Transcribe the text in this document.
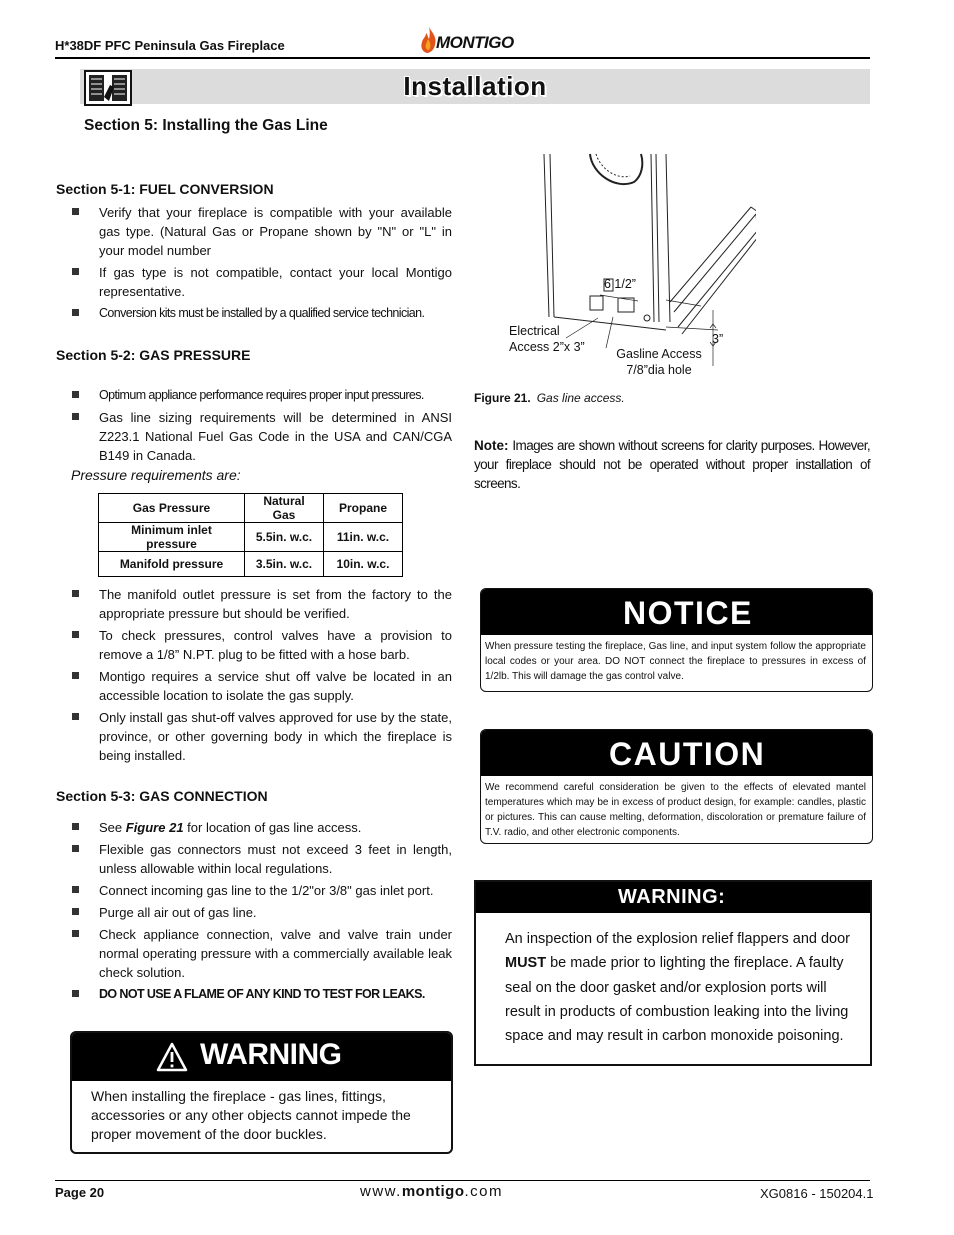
H*38DF PFC Peninsula Gas Fireplace	MONTIGO
Installation
Section 5: Installing the Gas Line
Section 5-1: FUEL CONVERSION
Verify that your fireplace is compatible with your available gas type. (Natural Gas or Propane shown by "N" or "L" in your model number
If gas type is not compatible, contact your local Montigo representative.
Conversion kits must be installed by a qualified service technician.
Section 5-2: GAS PRESSURE
Optimum appliance performance requires proper input pressures.
Gas line sizing requirements will be determined in ANSI Z223.1 National Fuel Gas Code in the USA and CAN/CGA B149 in Canada.
Pressure requirements are:
Gas Pressure	Natural Gas	Propane
Minimum inlet pressure	5.5in. w.c.	11in. w.c.
Manifold pressure	3.5in. w.c.	10in. w.c.
The manifold outlet pressure is set from the factory to the appropriate pressure but should be verified.
To check pressures, control valves have a provision to remove a 1/8” N.PT. plug to be fitted with a hose barb.
Montigo requires a service shut off valve be located in an accessible location to isolate the gas supply.
Only install gas shut-off valves approved for use by the state, province, or other governing body in which the fireplace is being installed.
Section 5-3: GAS CONNECTION
See Figure 21 for location of gas line access.
Flexible gas connectors must not exceed 3 feet in length, unless allowable within local regulations.
Connect incoming gas line to the 1/2"or 3/8" gas inlet port.
Purge all air out of gas line.
Check appliance connection, valve and valve train under normal operating pressure with a commercially available leak check solution.
DO NOT USE A FLAME OF ANY KIND TO TEST FOR LEAKS.
WARNING
When installing the fireplace - gas lines, fittings, accessories or any other objects cannot impede the proper movement of the door buckles.
6 1/2”
Electrical
Access 2”x 3”	Gasline Access
7/8”dia hole
3”
Figure 21. Gas line access.
Note: Images are shown without screens for clarity purposes. However, your fireplace should not be operated without proper installation of screens.
NOTICE
When pressure testing the fireplace, Gas line, and input system follow the appropriate local codes or your area. DO NOT connect the fireplace to pressures in excess of 1/2lb. This will damage the gas control valve.
CAUTION
We recommend careful consideration be given to the effects of elevated mantel temperatures which may be in excess of product design, for example: candles, plastic or pictures. This can cause melting, deformation, discoloration or premature failure of T.V. radio, and other electronic components.
WARNING:
An inspection of the explosion relief flappers and door MUST be made prior to lighting the fireplace. A faulty seal on the door gasket and/or explosion ports will result in products of combustion leaking into the living space and may result in carbon monoxide poisoning.
Page 20	www.montigo.com	XG0816 - 150204.1
